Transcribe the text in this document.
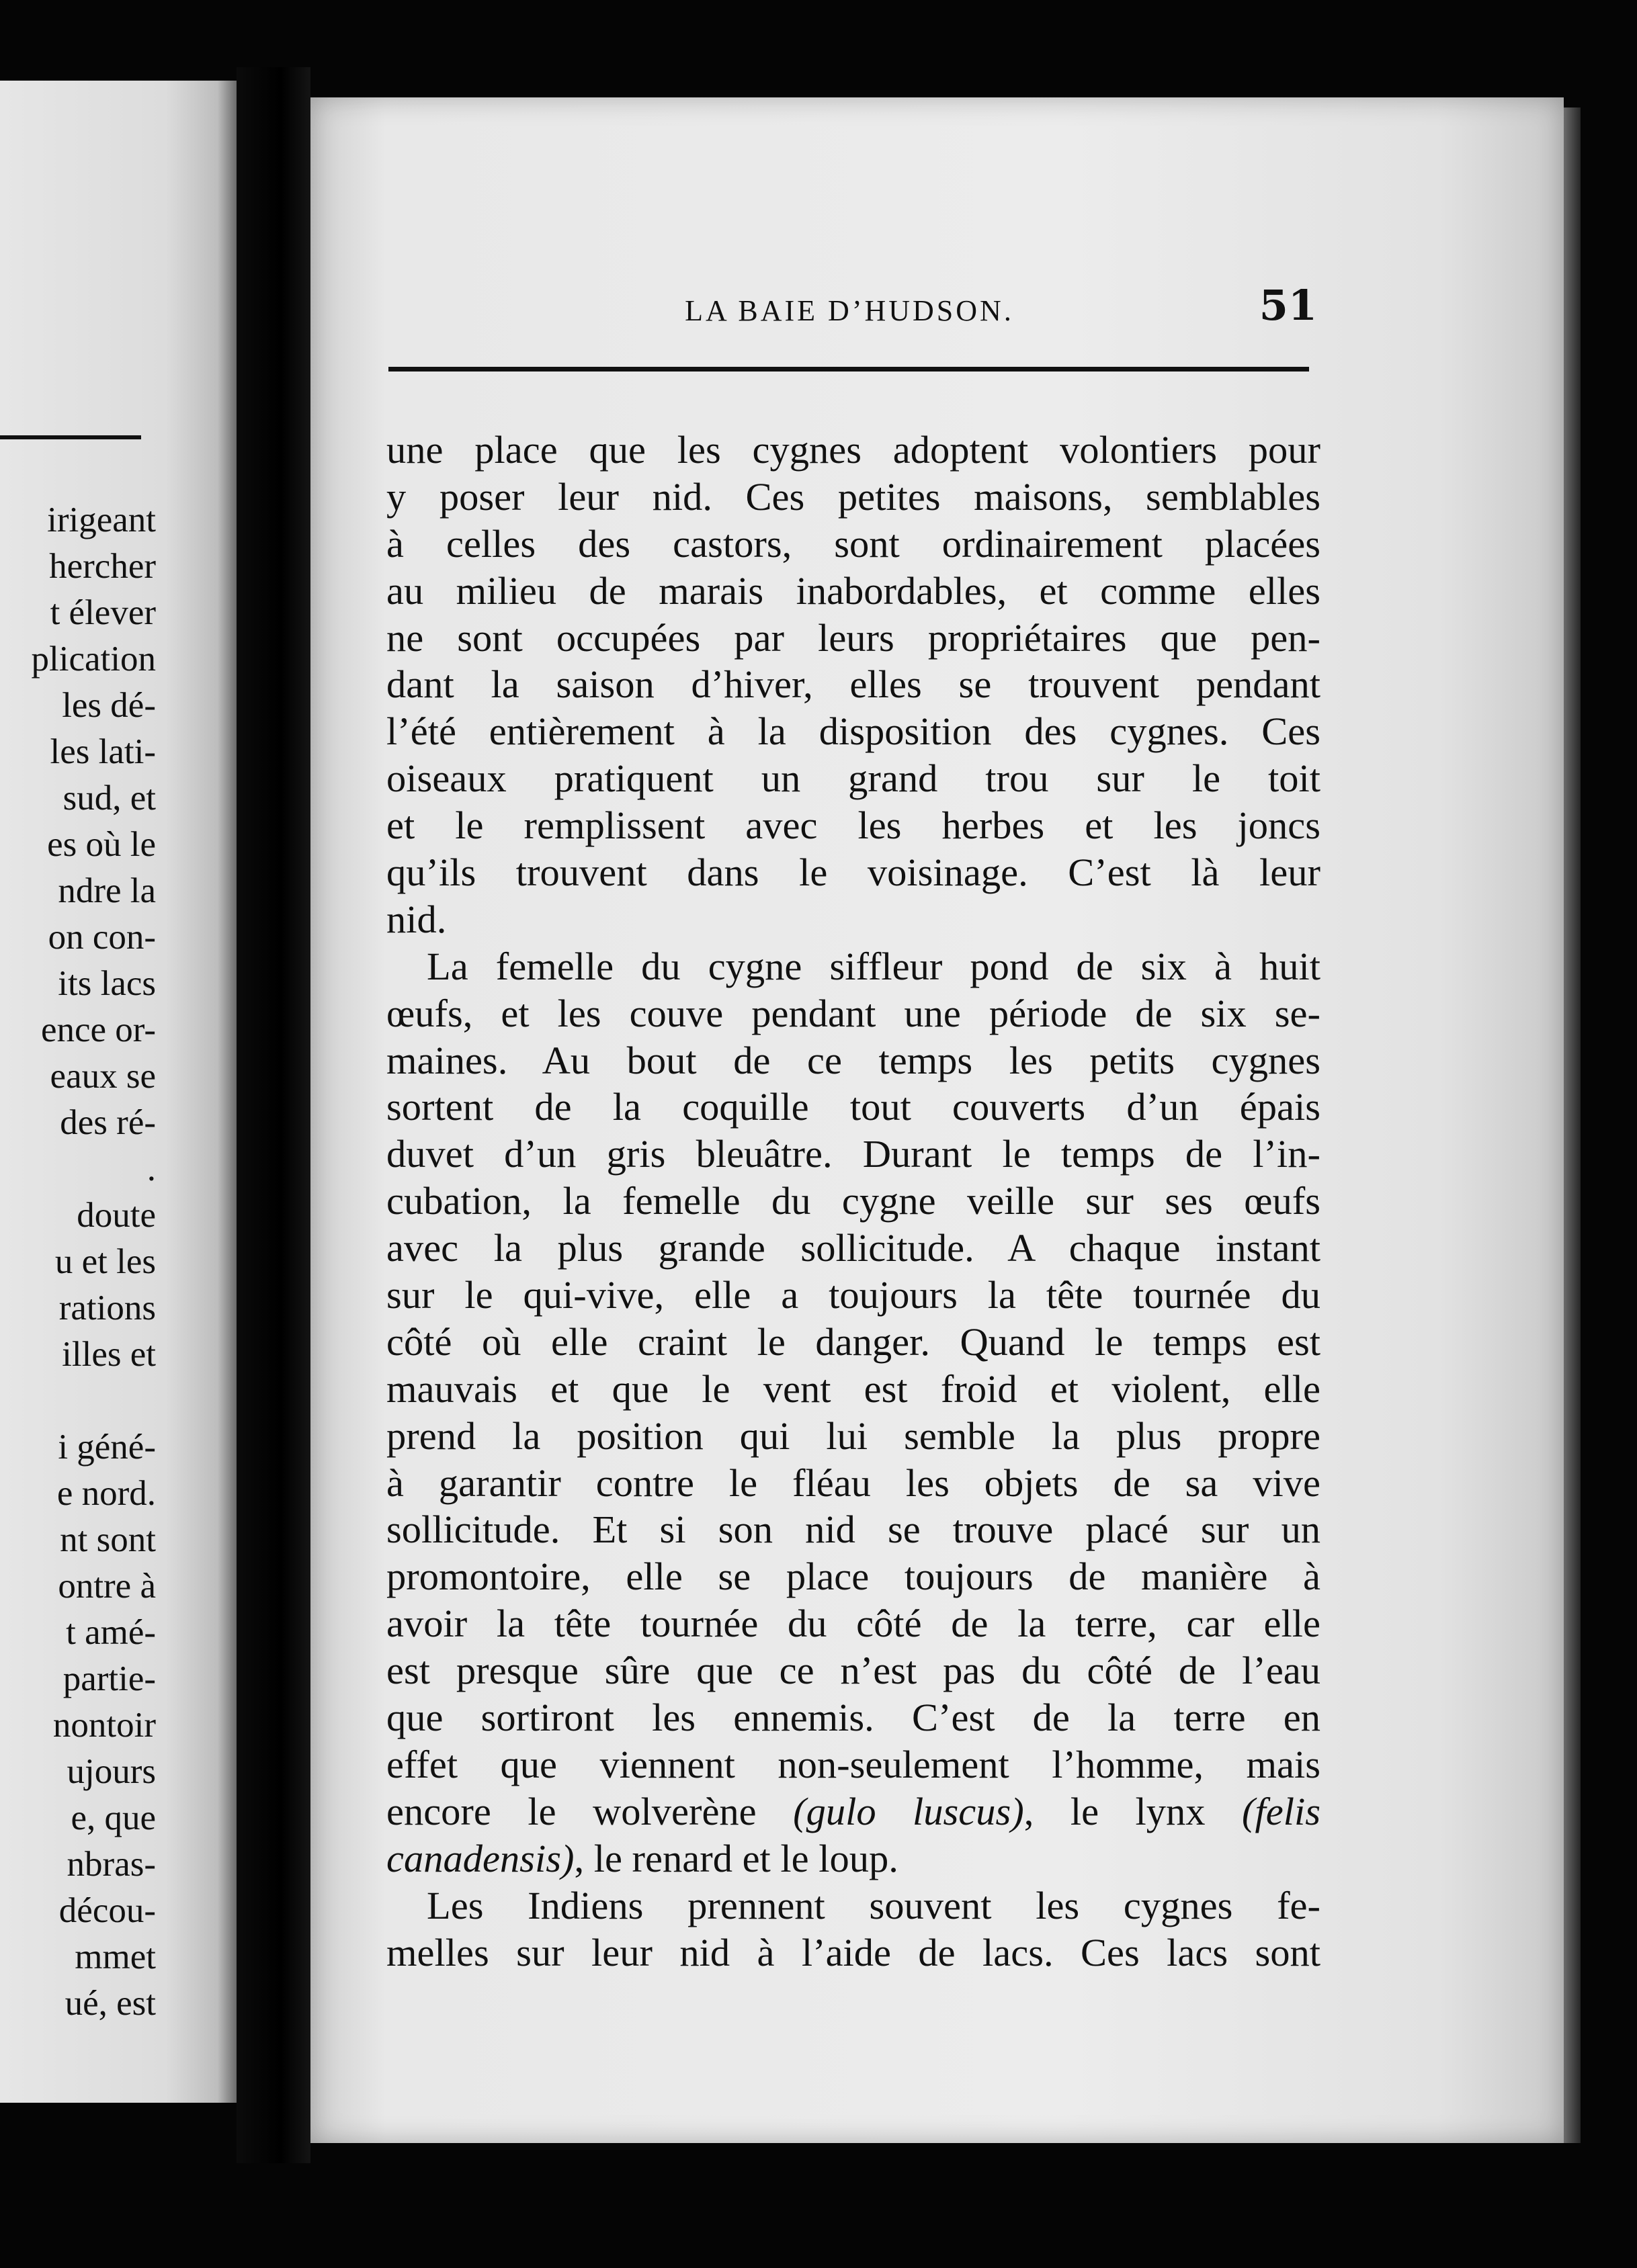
irigeant
hercher
t élever
plication
les dé-
les lati-
sud, et
es où le
ndre la
on con-
its lacs
ence or-
eaux se
des ré-
.
doute
u et les
rations
illes et

i géné-
e nord.
nt sont
ontre à
t amé-
partie-
nontoir
ujours
e, que
nbras-
décou-
mmet
ué, est
LA BAIE D’HUDSON.	51
une place que les cygnes adoptent volontiers pour
y poser leur nid. Ces petites maisons, semblables
à celles des castors, sont ordinairement placées
au milieu de marais inabordables, et comme elles
ne sont occupées par leurs propriétaires que pen-
dant la saison d’hiver, elles se trouvent pendant
l’été entièrement à la disposition des cygnes. Ces
oiseaux pratiquent un grand trou sur le toit
et le remplissent avec les herbes et les joncs
qu’ils trouvent dans le voisinage. C’est là leur
nid.
La femelle du cygne siffleur pond de six à huit
œufs, et les couve pendant une période de six se-
maines. Au bout de ce temps les petits cygnes
sortent de la coquille tout couverts d’un épais
duvet d’un gris bleuâtre. Durant le temps de l’in-
cubation, la femelle du cygne veille sur ses œufs
avec la plus grande sollicitude. A chaque instant
sur le qui-vive, elle a toujours la tête tournée du
côté où elle craint le danger. Quand le temps est
mauvais et que le vent est froid et violent, elle
prend la position qui lui semble la plus propre
à garantir contre le fléau les objets de sa vive
sollicitude. Et si son nid se trouve placé sur un
promontoire, elle se place toujours de manière à
avoir la tête tournée du côté de la terre, car elle
est presque sûre que ce n’est pas du côté de l’eau
que sortiront les ennemis. C’est de la terre en
effet que viennent non-seulement l’homme, mais
encore le wolverène (gulo luscus), le lynx (felis
canadensis), le renard et le loup.
Les Indiens prennent souvent les cygnes fe-
melles sur leur nid à l’aide de lacs. Ces lacs sont
